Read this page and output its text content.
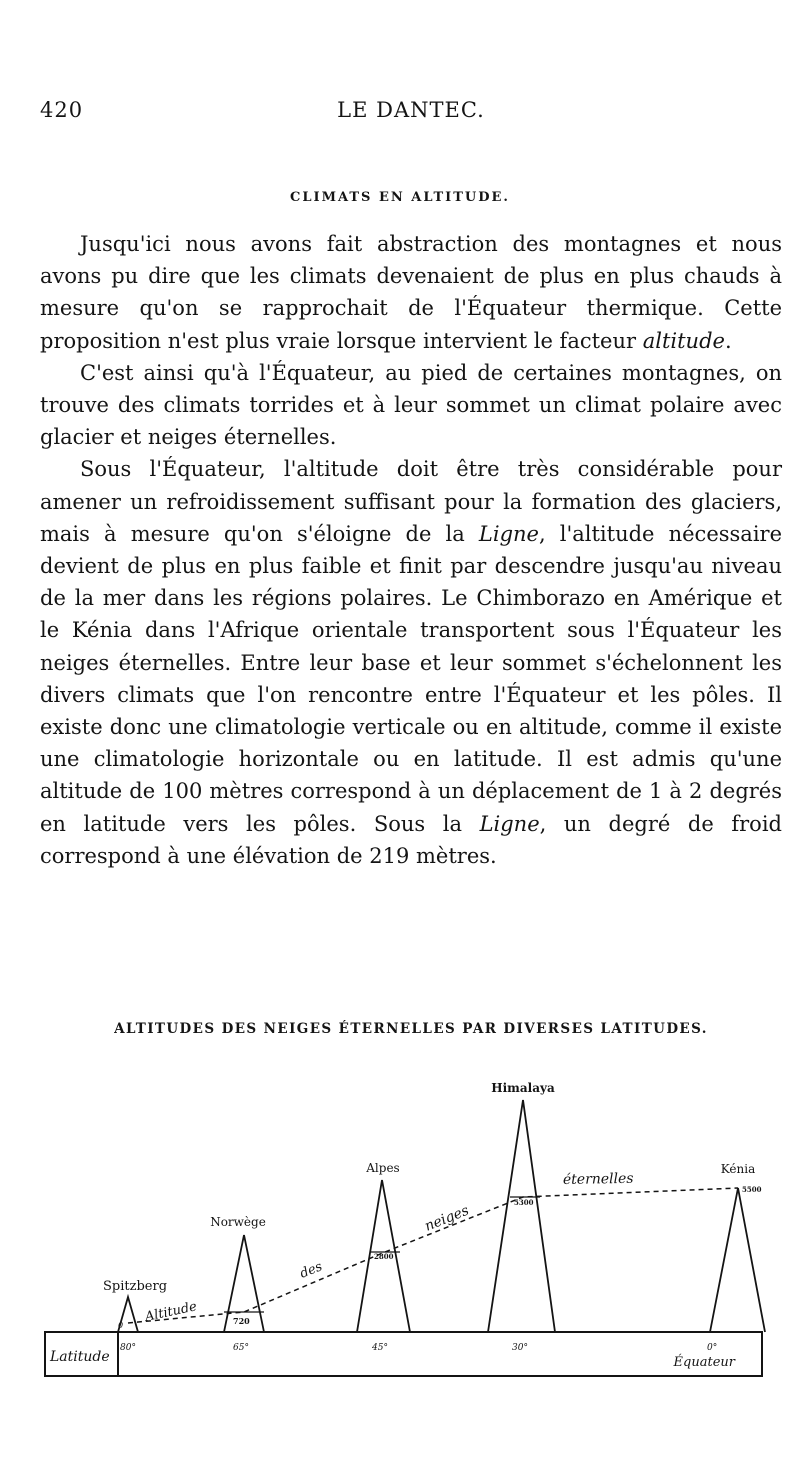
420	LE DANTEC.
CLIMATS EN ALTITUDE.

Jusqu'ici nous avons fait abstraction des montagnes et nous avons pu dire que les climats devenaient de plus en plus chauds à mesure qu'on se rapprochait de l'Équateur thermique. Cette proposition n'est plus vraie lorsque intervient le facteur altitude.

C'est ainsi qu'à l'Équateur, au pied de certaines montagnes, on trouve des climats torrides et à leur sommet un climat polaire avec glacier et neiges éternelles.

Sous l'Équateur, l'altitude doit être très considérable pour amener un refroidissement suffisant pour la formation des glaciers, mais à mesure qu'on s'éloigne de la Ligne, l'altitude nécessaire devient de plus en plus faible et finit par descendre jusqu'au niveau de la mer dans les régions polaires. Le Chimborazo en Amérique et le Kénia dans l'Afrique orientale transportent sous l'Équateur les neiges éternelles. Entre leur base et leur sommet s'échelonnent les divers climats que l'on rencontre entre l'Équateur et les pôles. Il existe donc une climatologie verticale ou en altitude, comme il existe une climatologie horizontale ou en latitude. Il est admis qu'une altitude de 100 mètres correspond à un déplacement de 1 à 2 degrés en latitude vers les pôles. Sous la Ligne, un degré de froid correspond à une élévation de 219 mètres.

ALTITUDES DES NEIGES ÉTERNELLES PAR DIVERSES LATITUDES.
Latitude	Équateur
Spitzberg
0
80°
Norwège
720
65°
Alpes
2800
45°
Himalaya
5300
30°
Kénia
5500
0°
Altitude
des
neiges
éternelles
